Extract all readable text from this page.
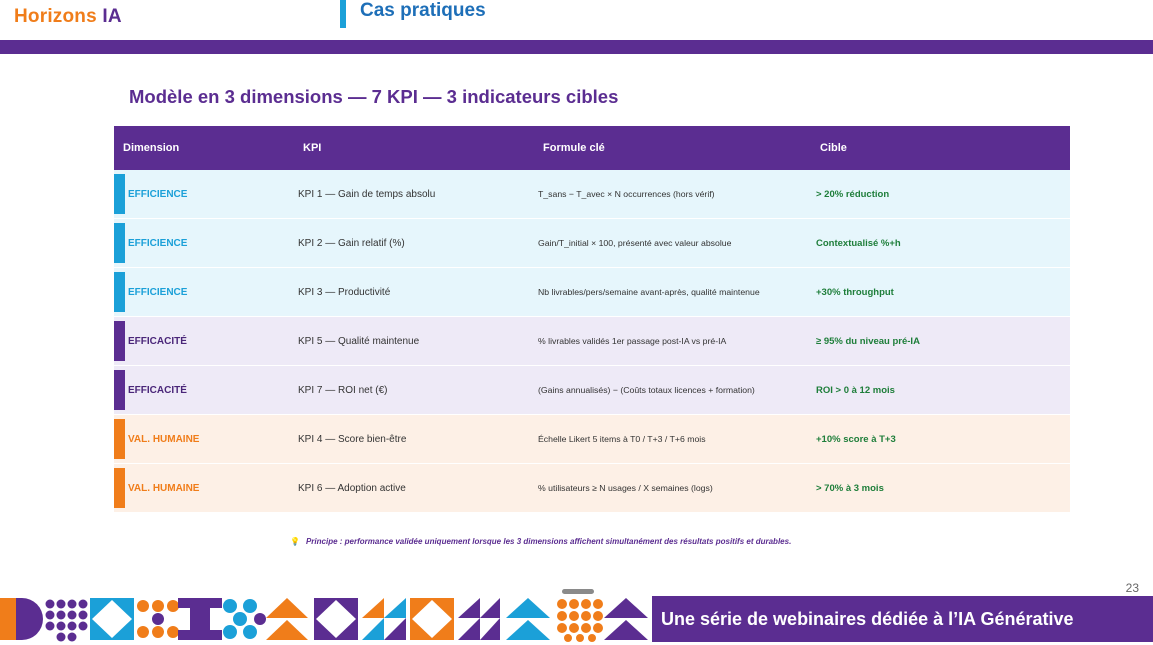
Horizons IA	Cas pratiques
Modèle en 3 dimensions — 7 KPI — 3 indicateurs cibles
Dimension	KPI	Formule clé	Cible
EFFICIENCE	KPI 1 — Gain de temps absolu	T_sans − T_avec × N occurrences (hors vérif)	> 20% réduction
EFFICIENCE	KPI 2 — Gain relatif (%)	Gain/T_initial × 100, présenté avec valeur absolue	Contextualisé %+h
EFFICIENCE	KPI 3 — Productivité	Nb livrables/pers/semaine avant-après, qualité maintenue	+30% throughput
EFFICACITÉ	KPI 5 — Qualité maintenue	% livrables validés 1er passage post-IA vs pré-IA	≥ 95% du niveau pré-IA
EFFICACITÉ	KPI 7 — ROI net (€)	(Gains annualisés) − (Coûts totaux licences + formation)	ROI > 0 à 12 mois
VAL. HUMAINE	KPI 4 — Score bien-être	Échelle Likert 5 items à T0 / T+3 / T+6 mois	+10% score à T+3
VAL. HUMAINE	KPI 6 — Adoption active	% utilisateurs ≥ N usages / X semaines (logs)	> 70% à 3 mois
💡 Principe : performance validée uniquement lorsque les 3 dimensions affichent simultanément des résultats positifs et durables.
23
Une série de webinaires dédiée à l’IA Générative
